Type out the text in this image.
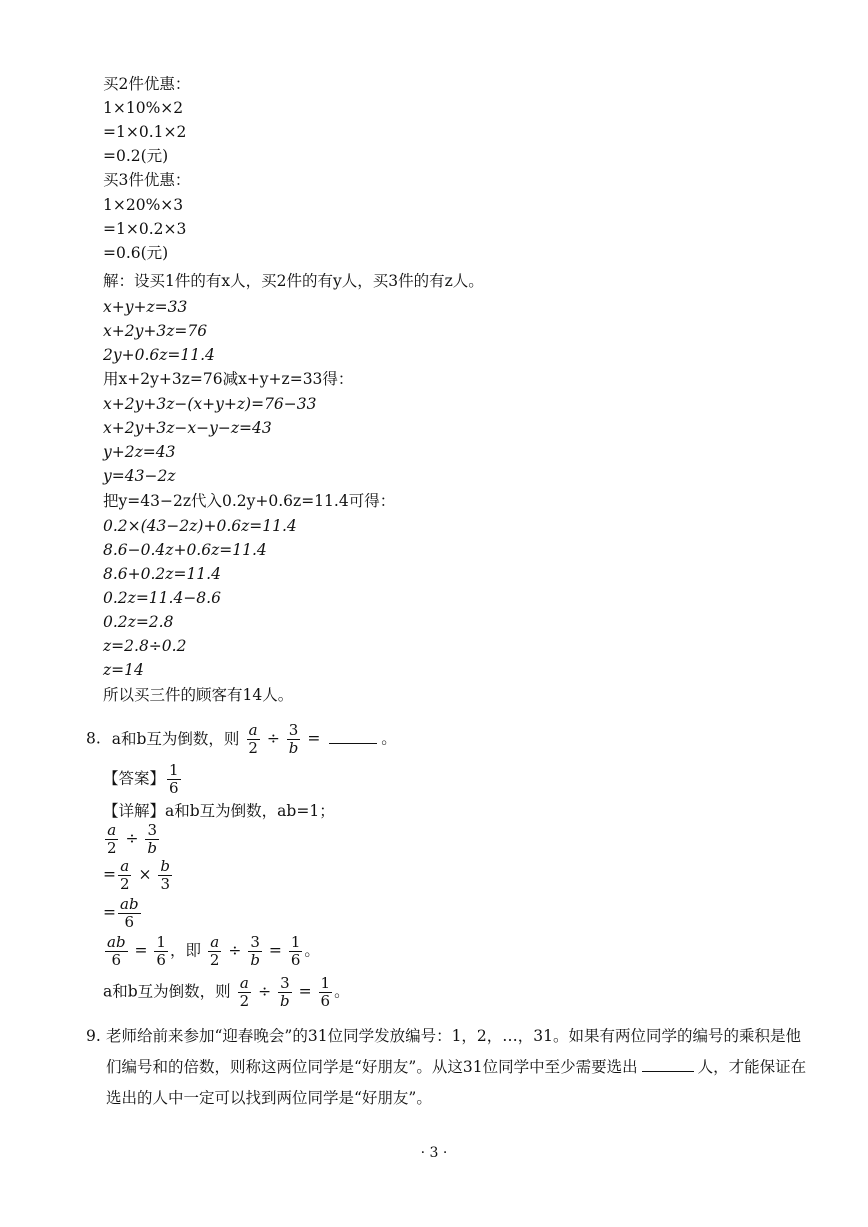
买2件优惠：
1×10%×2
=1×0.1×2
=0.2(元)
买3件优惠：
1×20%×3
=1×0.2×3
=0.6(元)
解：设买1件的有x人，买2件的有y人，买3件的有z人。
x+y+z=33
x+2y+3z=76
2y+0.6z=11.4
用x+2y+3z=76减x+y+z=33得：
x+2y+3z−(x+y+z)=76−33
x+2y+3z−x−y−z=43
y+2z=43
y=43−2z
把y=43−2z代入0.2y+0.6z=11.4可得：
0.2×(43−2z)+0.6z=11.4
8.6−0.4z+0.6z=11.4
8.6+0.2z=11.4
0.2z=11.4−8.6
0.2z=2.8
z=2.8÷0.2
z=14
所以买三件的顾客有14人。
8. a和b互为倒数，则 $\frac{a}{2} \div \frac{3}{b}$ =	。
【答案】 $\frac{1}{6}$
【详解】a和b互为倒数，ab=1；
$\frac{a}{2} \div \frac{3}{b}$
= $\frac{a}{2} \times \frac{b}{3}$
= $\frac{ab}{6}$
$\frac{ab}{6} = \frac{1}{6}$ ，即 $\frac{a}{2} \div \frac{3}{b} = \frac{1}{6}$ 。
a和b互为倒数，则 $\frac{a}{2} \div \frac{3}{b} = \frac{1}{6}$ 。
9. 老师给前来参加“迎春晚会”的31位同学发放编号：1，2，…，31。如果有两位同学的编号的乘积是他们编号和的倍数，则称这两位同学是“好朋友”。从这31位同学中至少需要选出	人，才能保证在选出的人中一定可以找到两位同学是“好朋友”。
· 3 ·
